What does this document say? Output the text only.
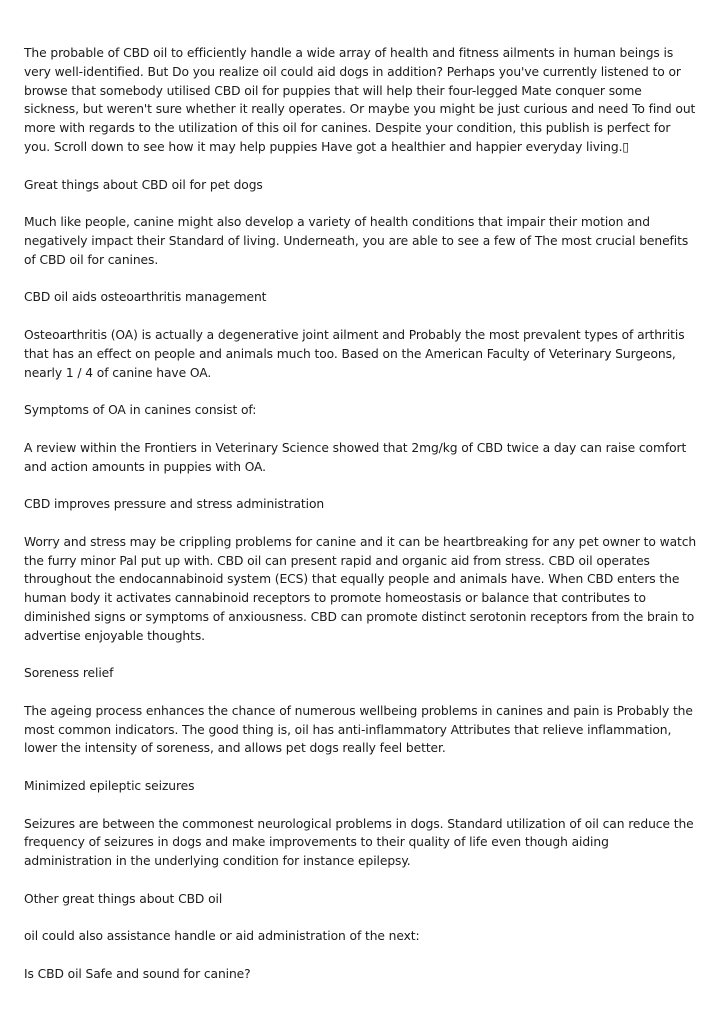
The probable of CBD oil to efficiently handle a wide array of health and fitness ailments in human beings is very well-identified. But Do you realize oil could aid dogs in addition? Perhaps you've currently listened to or browse that somebody utilised CBD oil for puppies that will help their four-legged Mate conquer some sickness, but weren't sure whether it really operates. Or maybe you might be just curious and need To find out more with regards to the utilization of this oil for canines. Despite your condition, this publish is perfect for you. Scroll down to see how it may help puppies Have got a healthier and happier everyday living.▯

Great things about CBD oil for pet dogs

Much like people, canine might also develop a variety of health conditions that impair their motion and negatively impact their Standard of living. Underneath, you are able to see a few of The most crucial benefits of CBD oil for canines.

CBD oil aids osteoarthritis management

Osteoarthritis (OA) is actually a degenerative joint ailment and Probably the most prevalent types of arthritis that has an effect on people and animals much too. Based on the American Faculty of Veterinary Surgeons, nearly 1 / 4 of canine have OA.

Symptoms of OA in canines consist of:

A review within the Frontiers in Veterinary Science showed that 2mg/kg of CBD twice a day can raise comfort and action amounts in puppies with OA.

CBD improves pressure and stress administration

Worry and stress may be crippling problems for canine and it can be heartbreaking for any pet owner to watch the furry minor Pal put up with. CBD oil can present rapid and organic aid from stress. CBD oil operates throughout the endocannabinoid system (ECS) that equally people and animals have. When CBD enters the human body it activates cannabinoid receptors to promote homeostasis or balance that contributes to diminished signs or symptoms of anxiousness. CBD can promote distinct serotonin receptors from the brain to advertise enjoyable thoughts.

Soreness relief

The ageing process enhances the chance of numerous wellbeing problems in canines and pain is Probably the most common indicators. The good thing is, oil has anti-inflammatory Attributes that relieve inflammation, lower the intensity of soreness, and allows pet dogs really feel better.

Minimized epileptic seizures

Seizures are between the commonest neurological problems in dogs. Standard utilization of oil can reduce the frequency of seizures in dogs and make improvements to their quality of life even though aiding administration in the underlying condition for instance epilepsy.

Other great things about CBD oil

oil could also assistance handle or aid administration of the next:

Is CBD oil Safe and sound for canine?
